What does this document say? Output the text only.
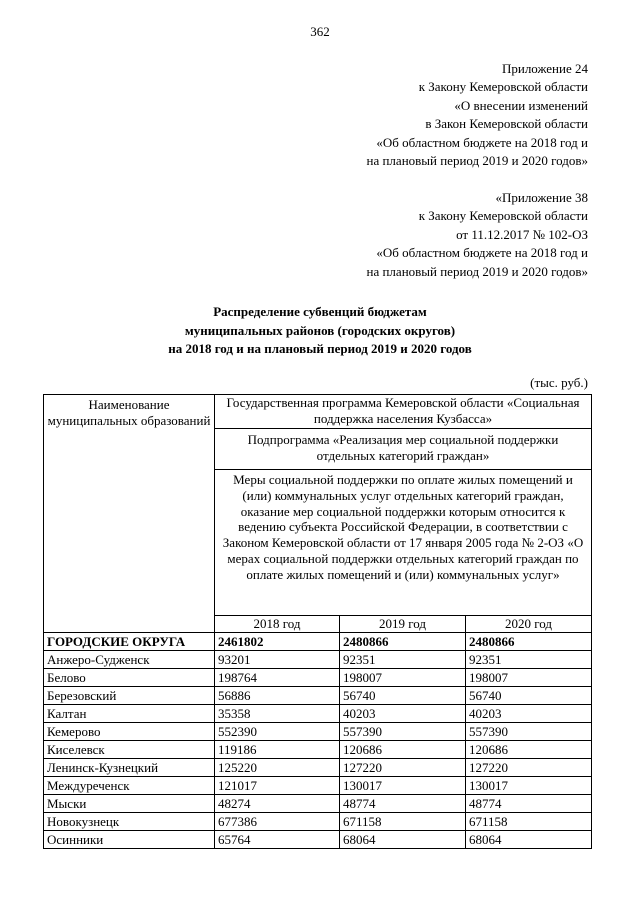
362
Приложение 24
к Закону Кемеровской области
«О внесении изменений
в Закон Кемеровской области
«Об областном бюджете на 2018 год и
на плановый период 2019 и 2020 годов»
«Приложение 38
к Закону Кемеровской области
от 11.12.2017 № 102-ОЗ
«Об областном бюджете на 2018 год и
на плановый период 2019 и 2020 годов»
Распределение субвенций бюджетам
муниципальных районов (городских округов)
на 2018 год и на плановый период 2019 и 2020 годов
(тыс. руб.)
Наименование муниципальных образований	Государственная программа Кемеровской области «Социальная поддержка населения Кузбасса»		
	Подпрограмма «Реализация мер социальной поддержки отдельных категорий граждан»		
	Меры социальной поддержки по оплате жилых помещений и (или) коммунальных услуг отдельных категорий граждан, оказание мер социальной поддержки которым относится к ведению субъекта Российской Федерации, в соответствии с Законом Кемеровской области от 17 января 2005 года № 2-ОЗ «О мерах социальной поддержки отдельных категорий граждан по оплате жилых помещений и (или) коммунальных услуг»		
	2018 год	2019 год	2020 год
ГОРОДСКИЕ ОКРУГА	2461802	2480866	2480866
Анжеро-Судженск	93201	92351	92351
Белово	198764	198007	198007
Березовский	56886	56740	56740
Калтан	35358	40203	40203
Кемерово	552390	557390	557390
Киселевск	119186	120686	120686
Ленинск-Кузнецкий	125220	127220	127220
Междуреченск	121017	130017	130017
Мыски	48274	48774	48774
Новокузнецк	677386	671158	671158
Осинники	65764	68064	68064
